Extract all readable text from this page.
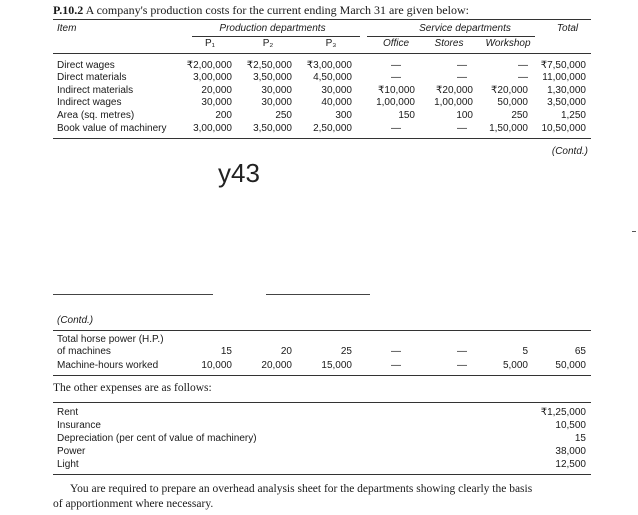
P.10.2 A company's production costs for the current ending March 31 are given below:
Item	Production departments	Service departments	Total
P₁	P₂	P₃	Office	Stores	Workshop
Direct wages	₹2,00,000	₹2,50,000	₹3,00,000	—	—	—	₹7,50,000
Direct materials	3,00,000	3,50,000	4,50,000	—	—	—	11,00,000
Indirect materials	20,000	30,000	30,000	₹10,000	₹20,000	₹20,000	1,30,000
Indirect wages	30,000	30,000	40,000	1,00,000	1,00,000	50,000	3,50,000
Area (sq. metres)	200	250	300	150	100	250	1,250
Book value of machinery	3,00,000	3,50,000	2,50,000	—	—	1,50,000	10,50,000
(Contd.)
y43
(Contd.)
Total horse power (H.P.)
of machines	15	20	25	—	—	5	65
Machine-hours worked	10,000	20,000	15,000	—	—	5,000	50,000
The other expenses are as follows:
Rent	₹1,25,000
Insurance	10,500
Depreciation (per cent of value of machinery)	15
Power	38,000
Light	12,500
You are required to prepare an overhead analysis sheet for the departments showing clearly the basis
of apportionment where necessary.
